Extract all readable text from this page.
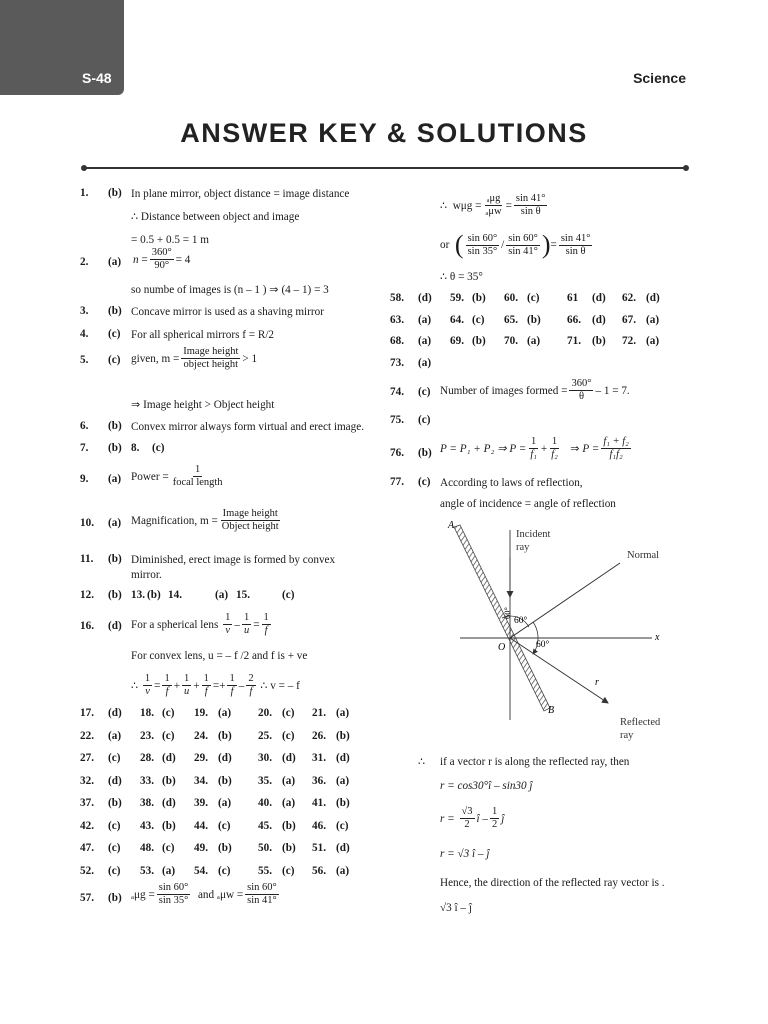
S-48	Science
ANSWER KEY & SOLUTIONS
1. (b) In plane mirror, object distance = image distance
∴ Distance between object and image
= 0.5 + 0.5 = 1 m
2. (a) n
= $\frac{360^\circ}{90^\circ} = 4$
so numbe of images is (n – 1 ) ⇒ (4 – 1) = 3
3. (b) Concave mirror is used as a shaving mirror
4. (c) For all spherical mirrors f = R/2
5. (c) given, $m = \frac{\text{Image height}}{\text{object height}} > 1$
⇒ Image height > Object height
6. (b) Convex mirror always form virtual and erect image.
7. (b) 8. (c)
9. (a) Power = $\frac{1}{\text{focal length}}$
10. (a) Magnification, $m = \frac{\text{Image height}}{\text{Object height}}$
11. (b) Diminished, erect image is formed by convex
mirror.
12. (b) 13. (b) 14.	(a) 15.	(c)
16. (d) For a spherical lens
$\frac{1}{v} - \frac{1}{u} = \frac{1}{f}$
For convex lens, u = – f /2 and f is + ve
∴
$\frac{1}{v} = \frac{1}{f} + \frac{1}{u} + \frac{1}{f}$ = + $\frac{1}{f} - \frac{2}{f}$
∴ v = – f
17. (d) 18. (c) 19. (a) 20. (c) 21. (a)
22. (a) 23. (c) 24. (b) 25. (c) 26. (b)
27. (c) 28. (d) 29. (d) 30. (d) 31. (d)
32. (d) 33. (b) 34. (b) 35. (a) 36. (a)
37. (b) 38. (d) 39. (a) 40. (a) 41. (b)
42. (c) 43. (b) 44. (c) 45. (b) 46. (c)
47. (c) 48. (c) 49. (b) 50. (b) 51. (d)
52. (c) 53. (a) 54. (c) 55. (c) 56. (a)
57. (b) $_a\mu g = \frac{\sin 60^\circ}{\sin 35^\circ}$
and
$_a\mu w = \frac{\sin 60^\circ}{\sin 41^\circ}$
∴
$w\mu g = \frac{\text{ₐμg}}{\text{ₐμw}} = \frac{\sin 41^\circ}{\text{sin θ}}$
or
( $\frac{\sin 60^\circ}{\sin 35^\circ} / \frac{\sin 60^\circ}{\sin 41^\circ}$ ) = $\frac{\sin 41^\circ}{\text{sin θ}}$
∴ θ = 35°
58. (d) 59. (b) 60. (c) 61 (d) 62. (d)
63. (a) 64. (c) 65. (b) 66. (d) 67. (a)
68. (a) 69. (b) 70. (a) 71. (b) 72. (a)
73. (a)
74. (c) Number of images formed = $\frac{360^\circ}{\theta} - 1 = 7$.
75. (c)
76. (b) P = P₁ + P₂ ⇒
$P = \frac{1}{\text{f₁}} + \frac{1}{\text{f₂}}$
⇒
$P = \frac{\text{f₁ + f₂}}{\text{f₁f₂}}$
77. (c) According to laws of reflection,
angle of incidence = angle of reflection
A
B
O
x
Incident
ray
Normal
Reflected
ray
60°
60°
60°
r
∴ if a vector r is along the reflected ray, then
r = cos30°î – sin30 ĵ
r =
$\frac{√3}{2}$ î – $\frac{1}{2}$ ĵ
r = √3 î – ĵ
Hence, the direction of the reflected ray vector is .
√3 î – ĵ
